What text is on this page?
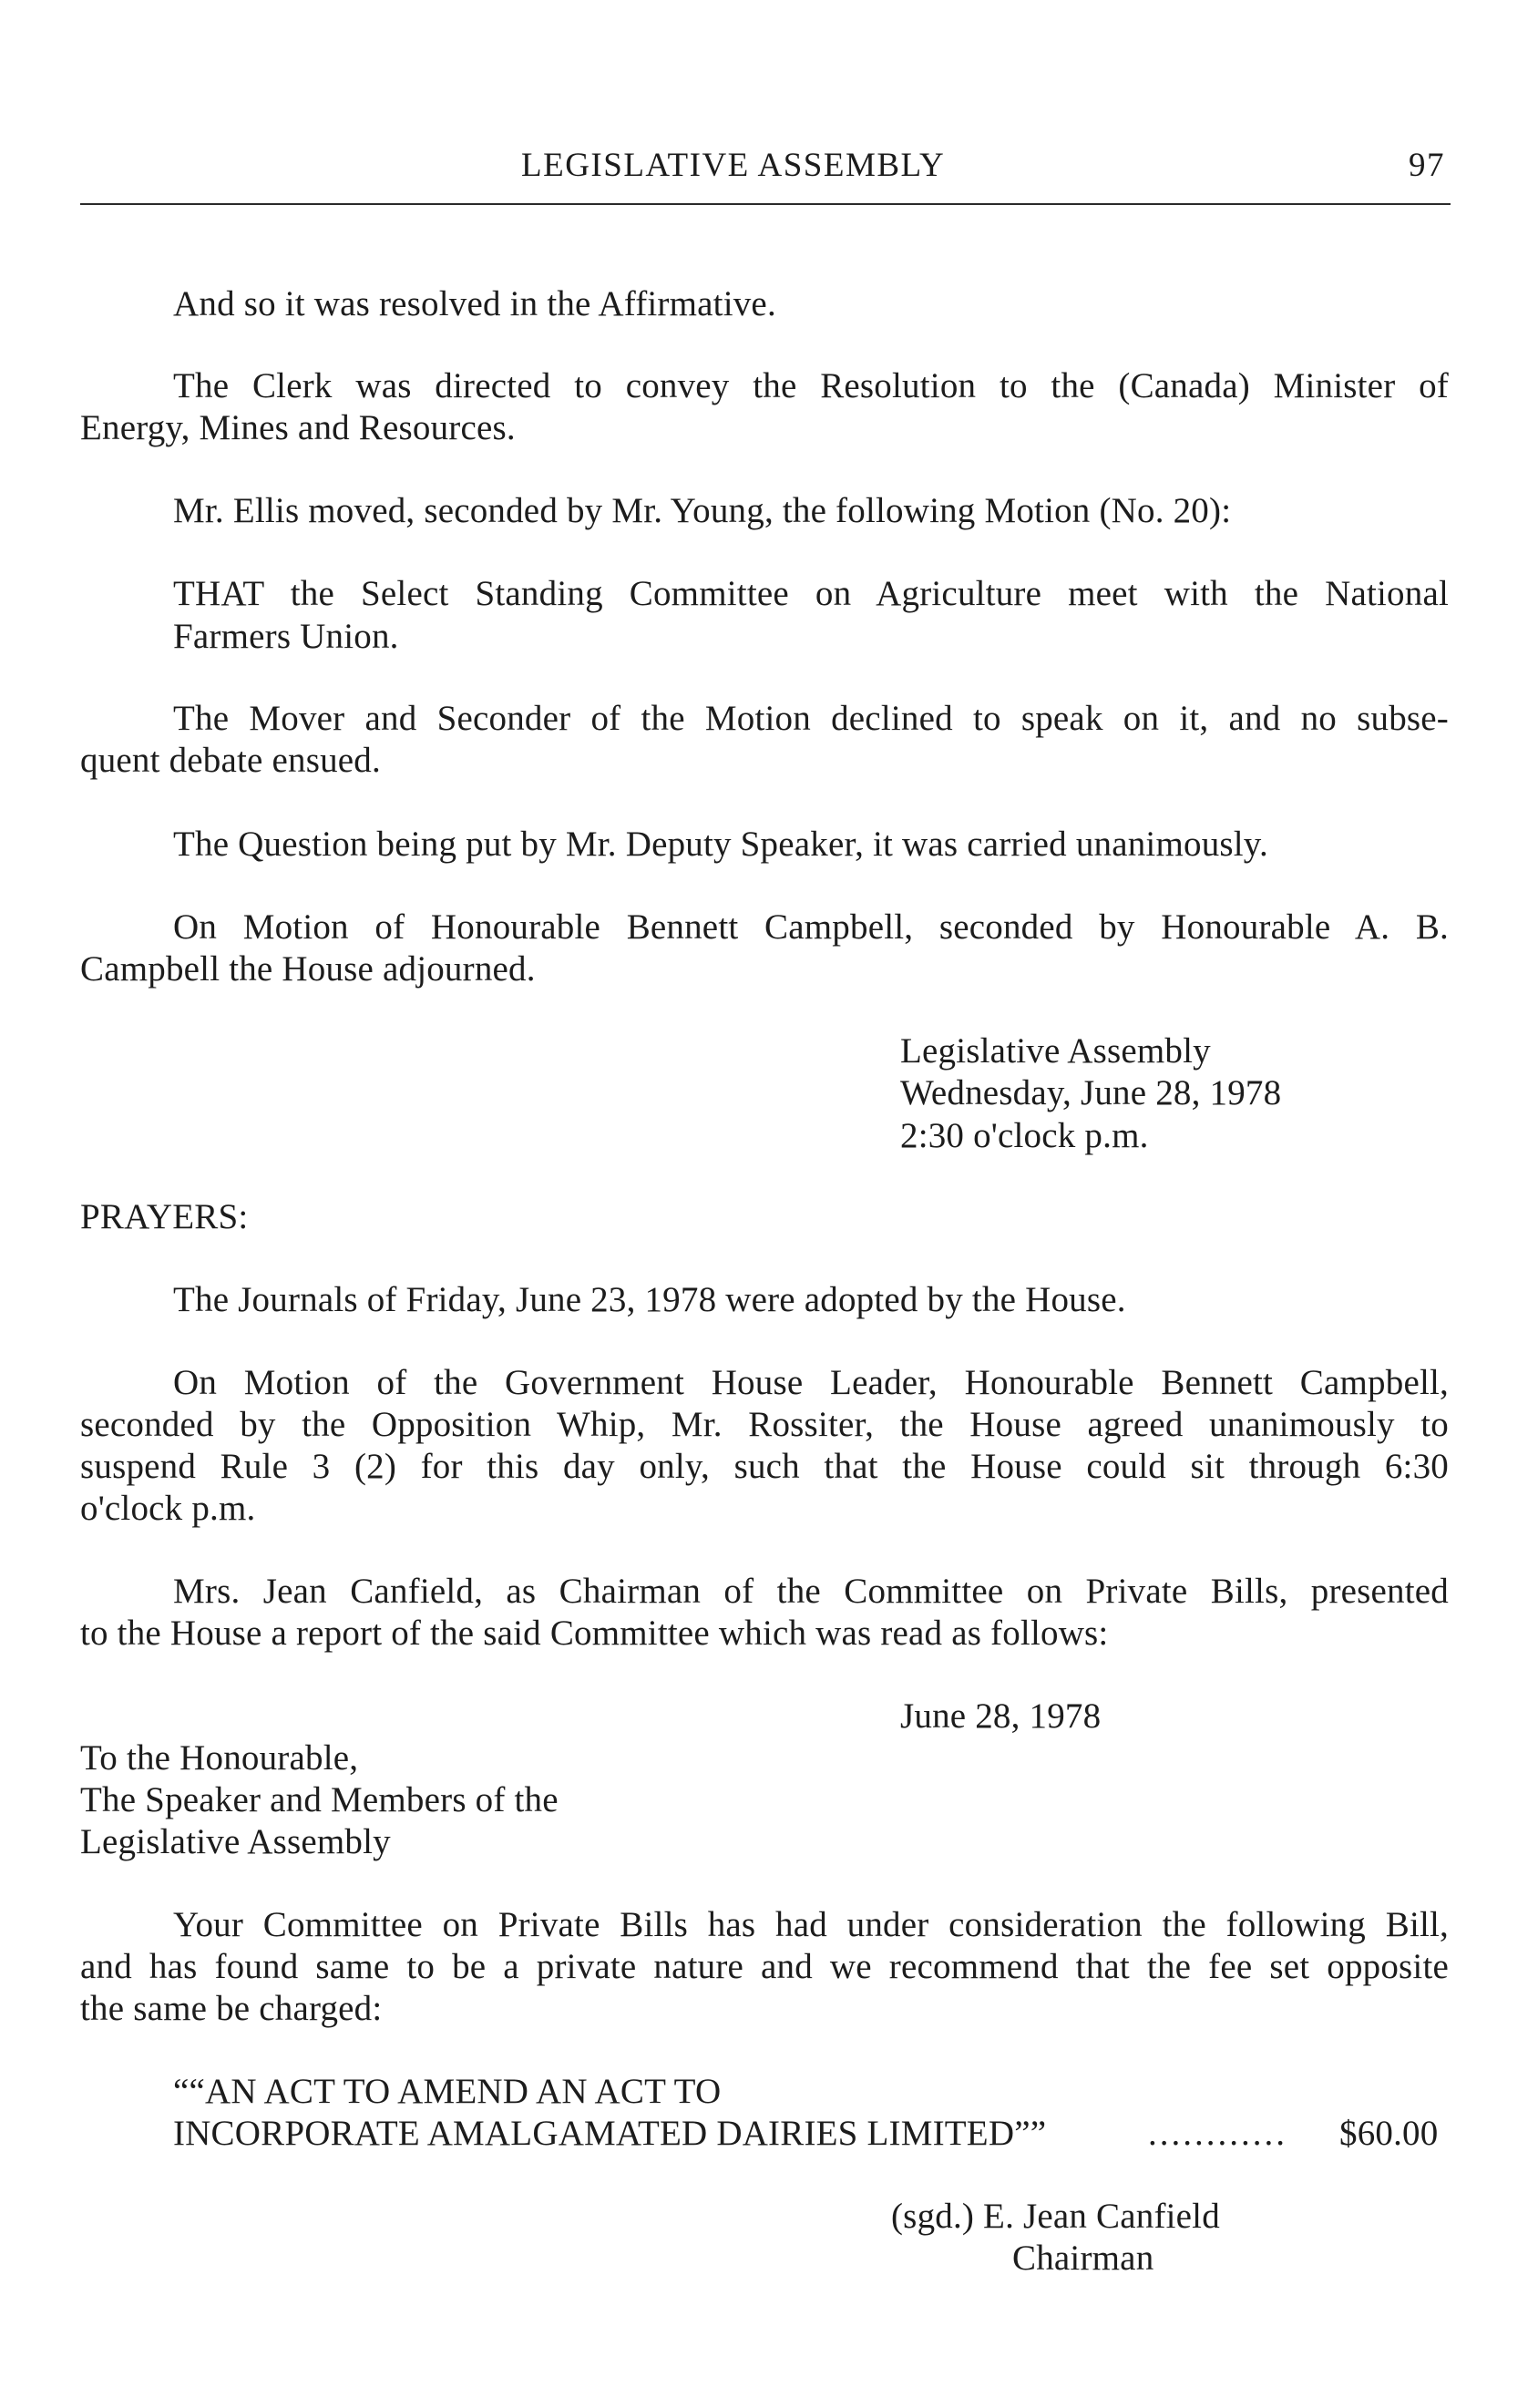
LEGISLATIVE ASSEMBLY	97
And so it was resolved in the Affirmative.
The Clerk was directed to convey the Resolution to the (Canada) Minister of
Energy, Mines and Resources.
Mr. Ellis moved, seconded by Mr. Young, the following Motion (No. 20):
THAT the Select Standing Committee on Agriculture meet with the National
Farmers Union.
The Mover and Seconder of the Motion declined to speak on it, and no subse-
quent debate ensued.
The Question being put by Mr. Deputy Speaker, it was carried unanimously.
On Motion of Honourable Bennett Campbell, seconded by Honourable A. B.
Campbell the House adjourned.
Legislative Assembly
Wednesday, June 28, 1978
2:30 o'clock p.m.
PRAYERS:
The Journals of Friday, June 23, 1978 were adopted by the House.
On Motion of the Government House Leader, Honourable Bennett Campbell,
seconded by the Opposition Whip, Mr. Rossiter, the House agreed unanimously to
suspend Rule 3 (2) for this day only, such that the House could sit through 6:30
o'clock p.m.
Mrs. Jean Canfield, as Chairman of the Committee on Private Bills, presented
to the House a report of the said Committee which was read as follows:
June 28, 1978
To the Honourable,
The Speaker and Members of the
Legislative Assembly
Your Committee on Private Bills has had under consideration the following Bill,
and has found same to be a private nature and we recommend that the fee set opposite
the same be charged:
““AN ACT TO AMEND AN ACT TO
INCORPORATE AMALGAMATED DAIRIES LIMITED””	............ $60.00
(sgd.) E. Jean Canfield
Chairman
